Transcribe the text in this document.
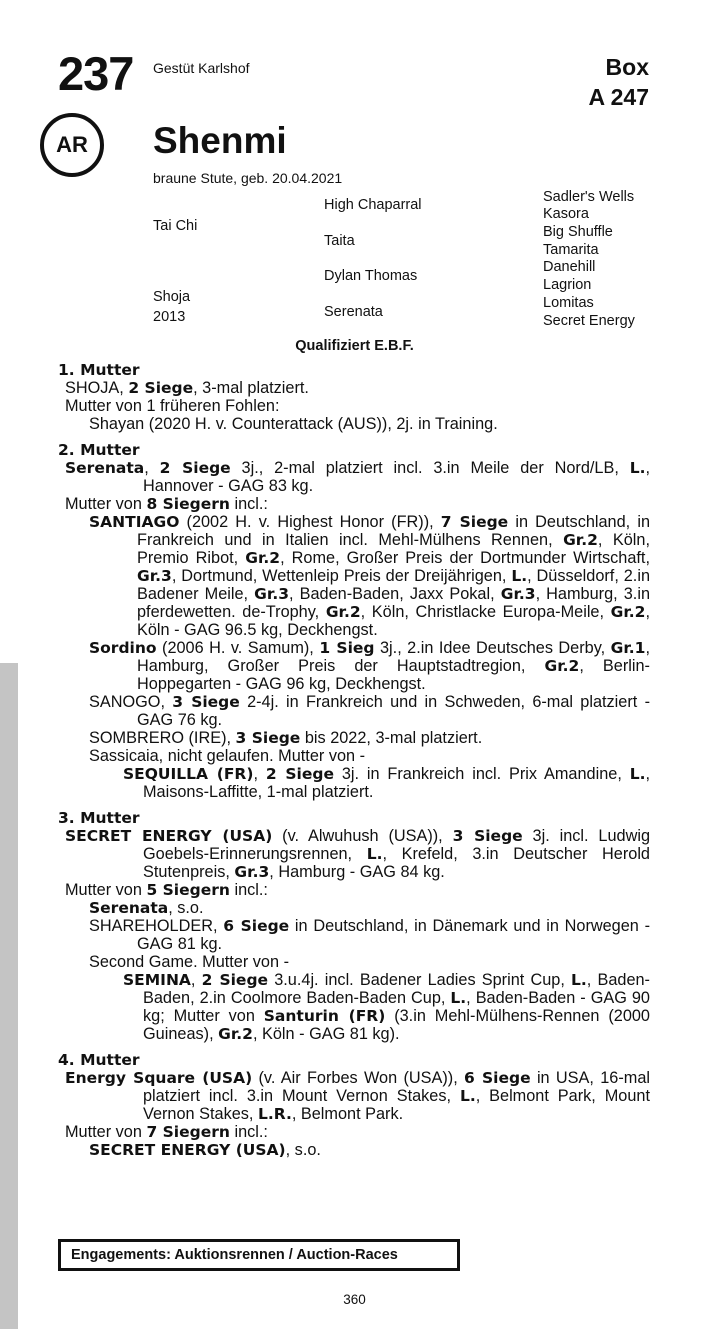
237 Gestüt Karlshof	Box
A 247
AR	Shenmi
braune Stute, geb. 20.04.2021
Tai Chi
Shoja
2013
High Chaparral
Taita
Dylan Thomas
Serenata
Sadler's Wells
Kasora
Big Shuffle
Tamarita
Danehill
Lagrion
Lomitas
Secret Energy
Qualifiziert E.B.F.
1. Mutter
SHOJA, 2 Siege, 3-mal platziert.
Mutter von 1 früheren Fohlen:
Shayan (2020 H. v. Counterattack (AUS)), 2j. in Training.
2. Mutter
Serenata, 2 Siege 3j., 2-mal platziert incl. 3.in Meile der Nord/LB, L., Hannover - GAG 83 kg.
Mutter von 8 Siegern incl.:
SANTIAGO (2002 H. v. Highest Honor (FR)), 7 Siege in Deutschland, in Frankreich und in Italien incl. Mehl-Mülhens Rennen, Gr.2, Köln, Premio Ribot, Gr.2, Rome, Großer Preis der Dortmunder Wirtschaft, Gr.3, Dortmund, Wettenleip Preis der Dreijährigen, L., Düsseldorf, 2.in Badener Meile, Gr.3, Baden-Baden, Jaxx Pokal, Gr.3, Hamburg, 3.in pferdewetten. de-Trophy, Gr.2, Köln, Christlacke Europa-Meile, Gr.2, Köln - GAG 96.5 kg, Deckhengst.
Sordino (2006 H. v. Samum), 1 Sieg 3j., 2.in Idee Deutsches Derby, Gr.1, Hamburg, Großer Preis der Hauptstadtregion, Gr.2, Berlin-Hoppegarten - GAG 96 kg, Deckhengst.
SANOGO, 3 Siege 2-4j. in Frankreich und in Schweden, 6-mal platziert - GAG 76 kg.
SOMBRERO (IRE), 3 Siege bis 2022, 3-mal platziert.
Sassicaia, nicht gelaufen. Mutter von -
SEQUILLA (FR), 2 Siege 3j. in Frankreich incl. Prix Amandine, L., Maisons-Laffitte, 1-mal platziert.
3. Mutter
SECRET ENERGY (USA) (v. Alwuhush (USA)), 3 Siege 3j. incl. Ludwig Goebels-Erinnerungsrennen, L., Krefeld, 3.in Deutscher Herold Stutenpreis, Gr.3, Hamburg - GAG 84 kg.
Mutter von 5 Siegern incl.:
Serenata, s.o.
SHAREHOLDER, 6 Siege in Deutschland, in Dänemark und in Norwegen - GAG 81 kg.
Second Game. Mutter von -
SEMINA, 2 Siege 3.u.4j. incl. Badener Ladies Sprint Cup, L., Baden-Baden, 2.in Coolmore Baden-Baden Cup, L., Baden-Baden - GAG 90 kg; Mutter von Santurin (FR) (3.in Mehl-Mülhens-Rennen (2000 Guineas), Gr.2, Köln - GAG 81 kg).
4. Mutter
Energy Square (USA) (v. Air Forbes Won (USA)), 6 Siege in USA, 16-mal platziert incl. 3.in Mount Vernon Stakes, L., Belmont Park, Mount Vernon Stakes, L.R., Belmont Park.
Mutter von 7 Siegern incl.:
SECRET ENERGY (USA), s.o.
Engagements: Auktionsrennen / Auction-Races
360
